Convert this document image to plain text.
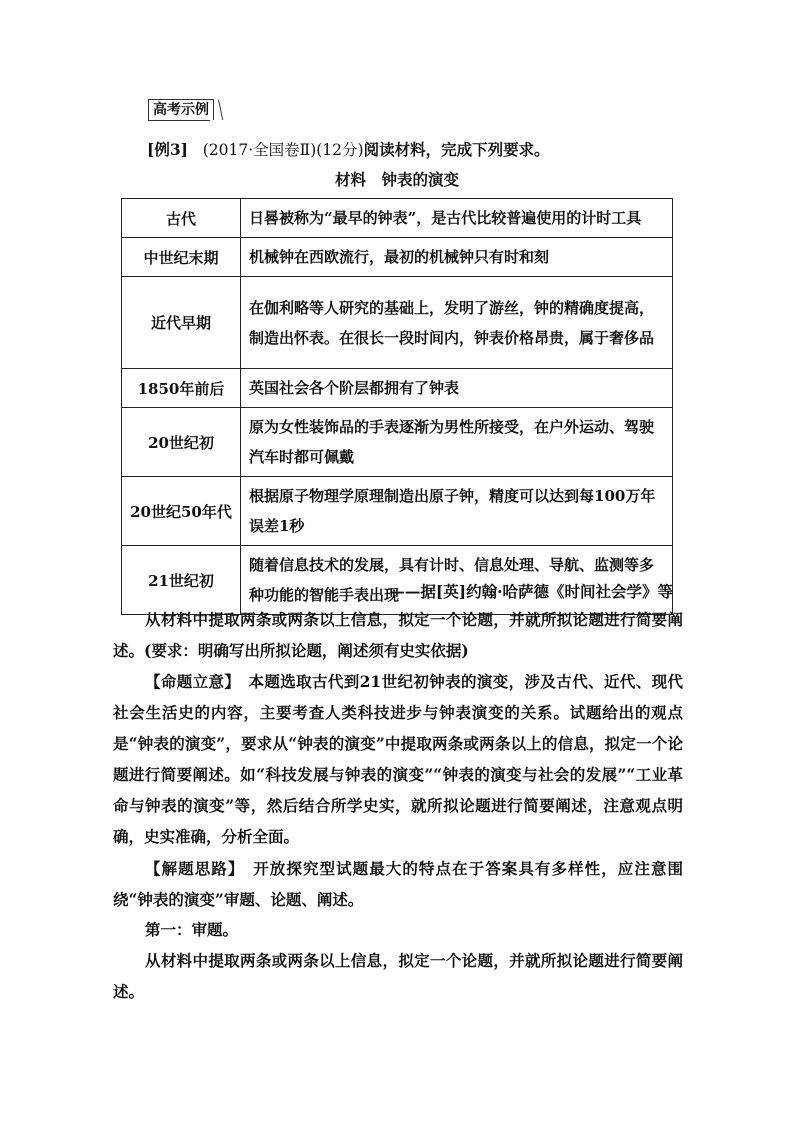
高考示例
[例3] (2017·全国卷Ⅱ)(12分)阅读材料，完成下列要求。
材料　钟表的演变
古代	日晷被称为“最早的钟表”，是古代比较普遍使用的计时工具
中世纪末期	机械钟在西欧流行，最初的机械钟只有时和刻
近代早期	在伽利略等人研究的基础上，发明了游丝，钟的精确度提高，制造出怀表。在很长一段时间内，钟表价格昂贵，属于奢侈品
1850年前后	英国社会各个阶层都拥有了钟表
20世纪初	原为女性装饰品的手表逐渐为男性所接受，在户外运动、驾驶汽车时都可佩戴
20世纪50年代	根据原子物理学原理制造出原子钟，精度可以达到每100万年误差1秒
21世纪初	随着信息技术的发展，具有计时、信息处理、导航、监测等多种功能的智能手表出现
——据[英]约翰·哈萨德《时间社会学》等
从材料中提取两条或两条以上信息，拟定一个论题，并就所拟论题进行简要阐述。(要求：明确写出所拟论题，阐述须有史实依据)
【命题立意】　本题选取古代到21世纪初钟表的演变，涉及古代、近代、现代社会生活史的内容，主要考查人类科技进步与钟表演变的关系。试题给出的观点是“钟表的演变”，要求从“钟表的演变”中提取两条或两条以上的信息，拟定一个论题进行简要阐述。如“科技发展与钟表的演变”“钟表的演变与社会的发展”“工业革命与钟表的演变”等，然后结合所学史实，就所拟论题进行简要阐述，注意观点明确，史实准确，分析全面。
【解题思路】　开放探究型试题最大的特点在于答案具有多样性，应注意围绕“钟表的演变”审题、论题、阐述。
第一：审题。
从材料中提取两条或两条以上信息，拟定一个论题，并就所拟论题进行简要阐述。
